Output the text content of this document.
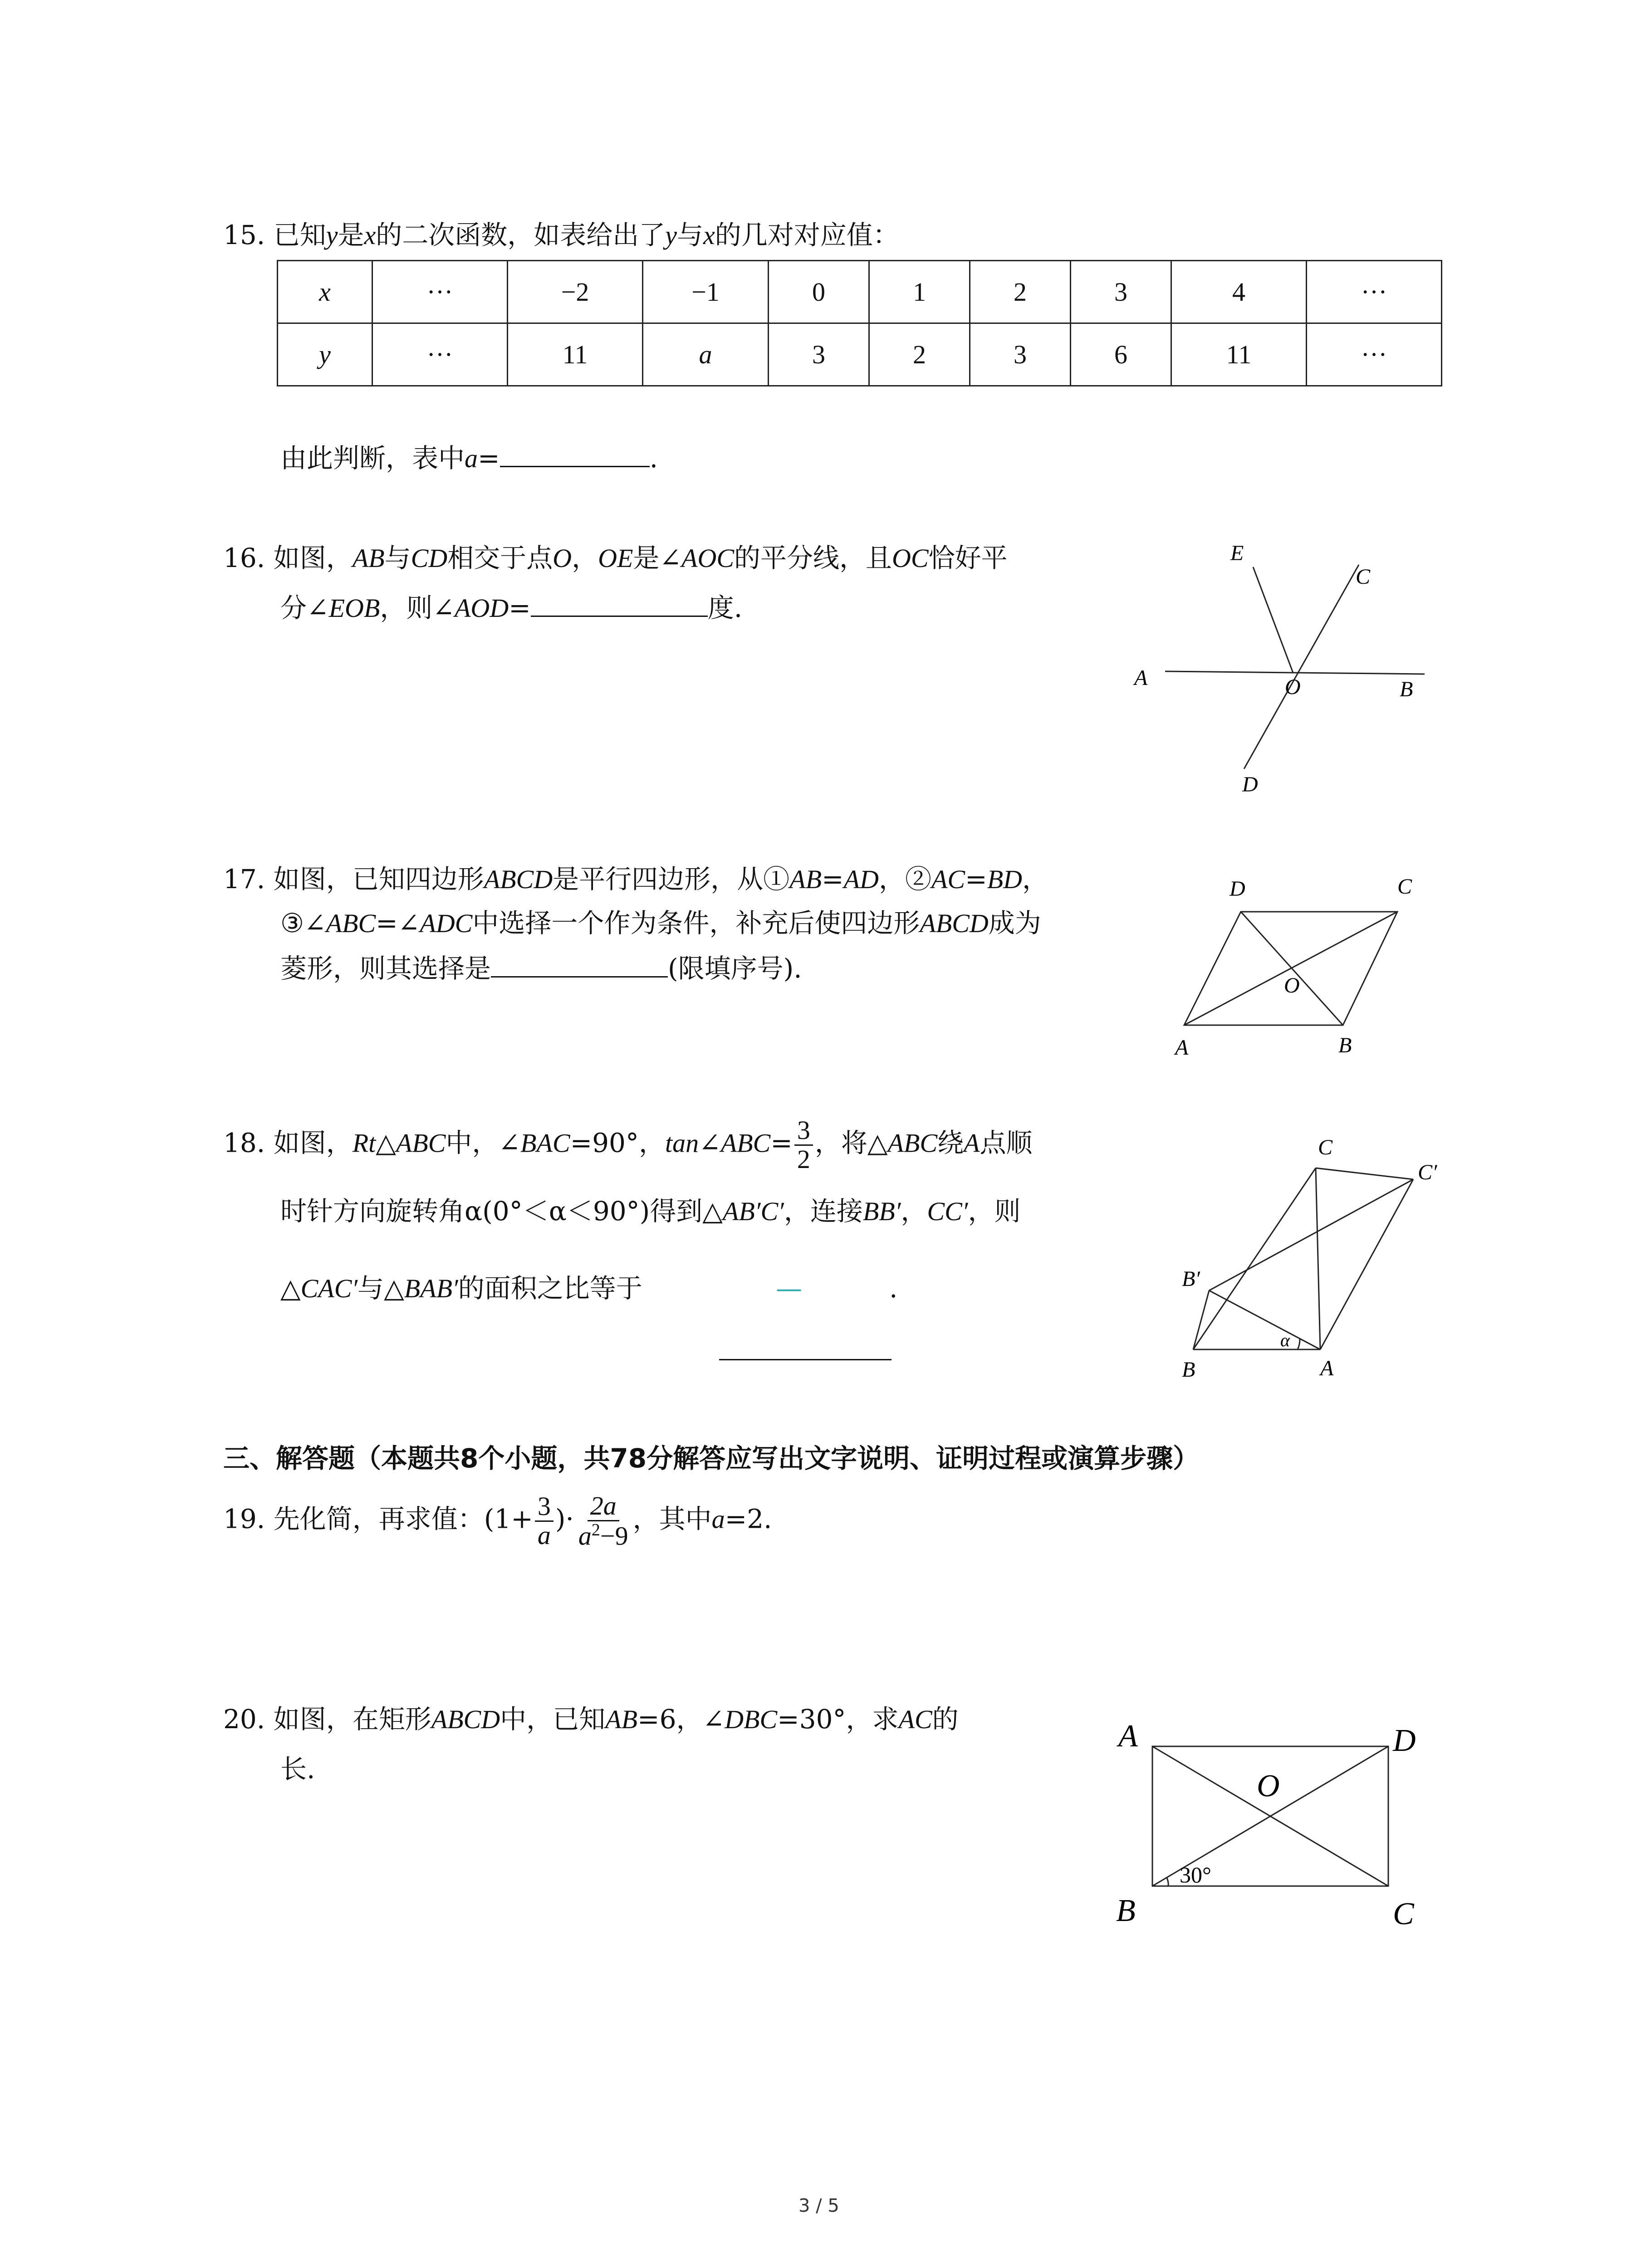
15. 已知y是x的二次函数，如表给出了y与x的几对对应值：
x	···	−2	−1	0	1	2	3	4	···
y	···	11	a	3	2	3	6	11	···
由此判断，表中a=	.
16. 如图，AB与CD相交于点O，OE是∠AOC的平分线，且OC恰好平
分∠EOB，则∠AOD=	度.
E
C
A	O	B
D
17. 如图，已知四边形ABCD是平行四边形，从①AB=AD，②AC=BD，
③∠ABC=∠ADC中选择一个作为条件，补充后使四边形ABCD成为
菱形，则其选择是	(限填序号).
D	C
O
A	B
18. 如图，Rt△ABC中，∠BAC=90°，tan∠ABC= $\frac{3}{2}$ ，将△ABC绕A点顺
时针方向旋转角α(0°＜α＜90°)得到△AB′C′，连接BB′，CC′，则
△CAC′与△BAB′的面积之比等于	—	.
C
C′
B′
α
B	A
三、解答题（本题共8个小题，共78分解答应写出文字说明、证明过程或演算步骤）
19. 先化简，再求值：($1+ \frac{3}{a}$ )· $\frac{2a}{a^2-9}$ ，其中a=2.
20. 如图，在矩形ABCD中，已知AB=6，∠DBC=30°，求AC的
长.
A	D
O
B	C
30°
3 / 5
